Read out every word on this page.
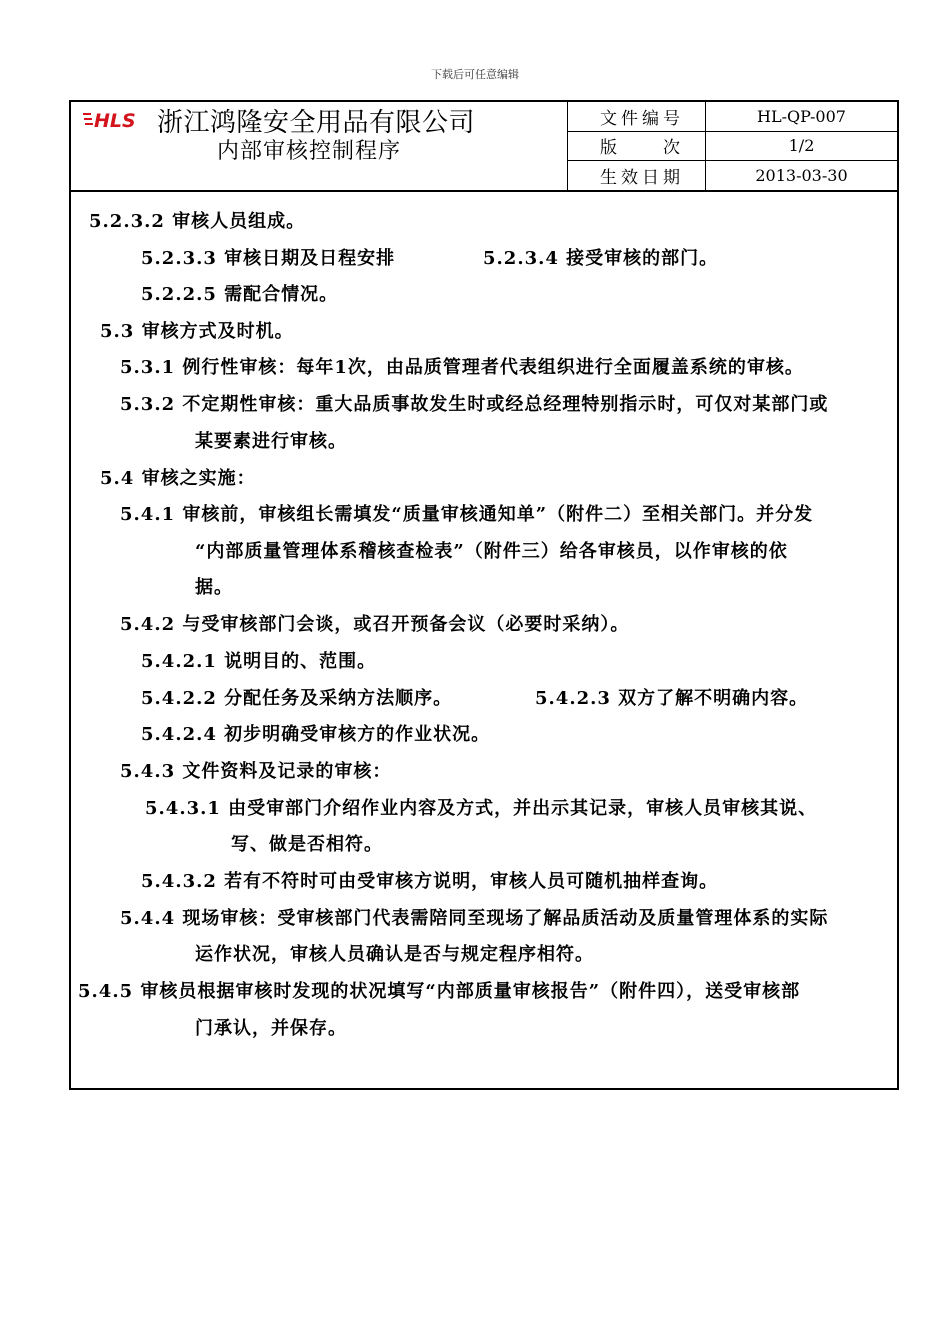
下载后可任意编辑
HLS 浙江鸿隆安全用品有限公司
内部审核控制程序
文件编号	HL-QP-007
版　次	1/2
生效日期	2013-03-30
5.2.3.2 审核人员组成。
5.2.3.3 审核日期及日程安排	5.2.3.4 接受审核的部门。
5.2.2.5 需配合情况。
5.3 审核方式及时机。
5.3.1 例行性审核：每年1次，由品质管理者代表组织进行全面履盖系统的审核。
5.3.2 不定期性审核：重大品质事故发生时或经总经理特别指示时，可仅对某部门或
某要素进行审核。
5.4 审核之实施：
5.4.1 审核前，审核组长需填发“质量审核通知单”（附件二）至相关部门。并分发
“内部质量管理体系稽核查检表”（附件三）给各审核员，以作审核的依
据。
5.4.2 与受审核部门会谈，或召开预备会议（必要时采纳）。
5.4.2.1 说明目的、范围。
5.4.2.2 分配任务及采纳方法顺序。	5.4.2.3 双方了解不明确内容。
5.4.2.4 初步明确受审核方的作业状况。
5.4.3 文件资料及记录的审核：
5.4.3.1 由受审部门介绍作业内容及方式，并出示其记录，审核人员审核其说、
写、做是否相符。
5.4.3.2 若有不符时可由受审核方说明，审核人员可随机抽样查询。
5.4.4 现场审核：受审核部门代表需陪同至现场了解品质活动及质量管理体系的实际
运作状况，审核人员确认是否与规定程序相符。
5.4.5 审核员根据审核时发现的状况填写“内部质量审核报告”（附件四），送受审核部
门承认，并保存。
